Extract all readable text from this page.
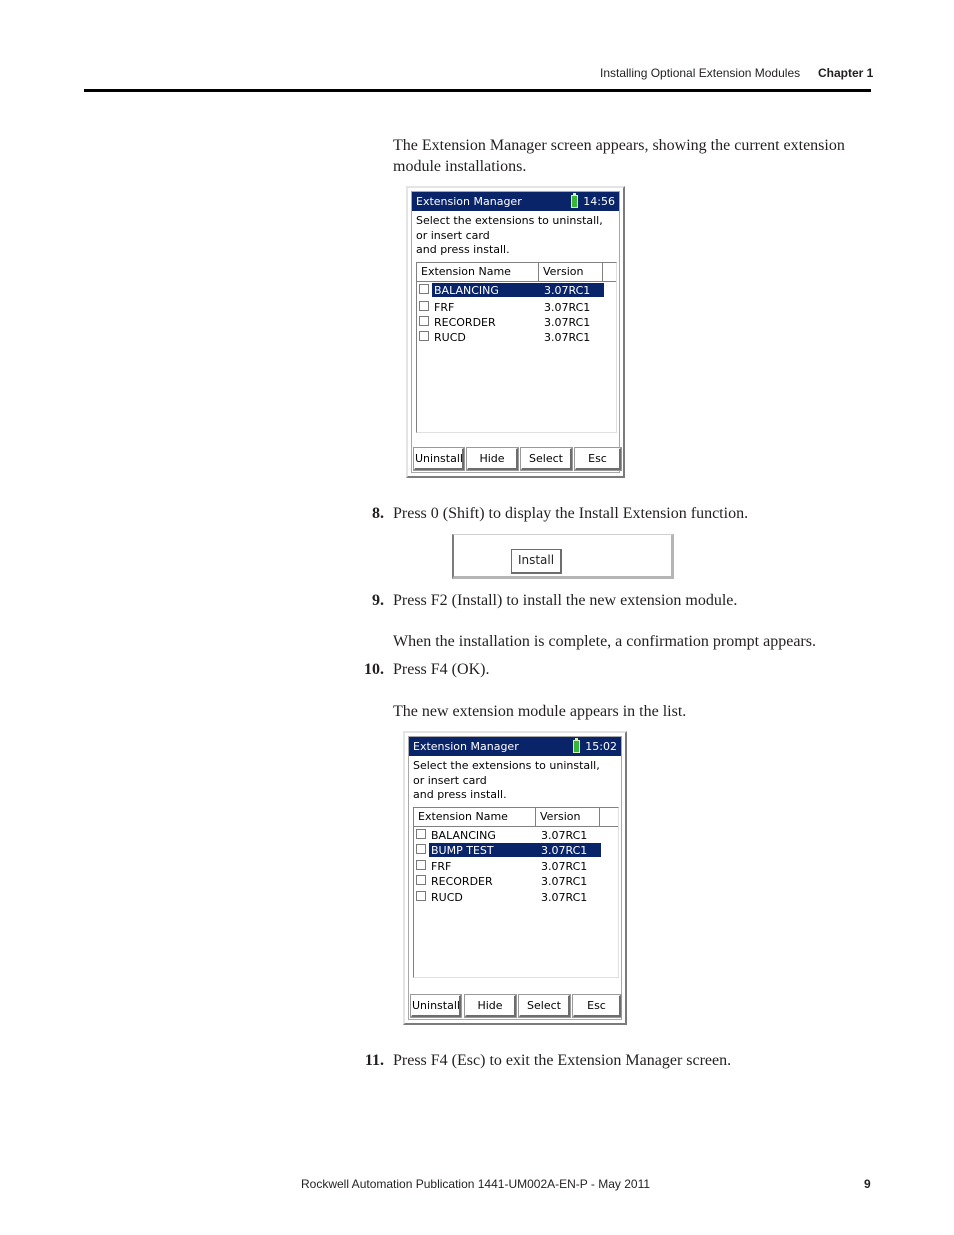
Installing Optional Extension Modules Chapter 1
The Extension Manager screen appears, showing the current extension
module installations.
Extension Manager	14:56
Select the extensions to uninstall,
or insert card
and press install.
Extension Name	Version
BALANCING	3.07RC1
FRF	3.07RC1
RECORDER	3.07RC1
RUCD	3.07RC1
Uninstall	Hide	Select	Esc
8. Press 0 (Shift) to display the Install Extension function.
Install
9. Press F2 (Install) to install the new extension module.
When the installation is complete, a confirmation prompt appears.
10. Press F4 (OK).
The new extension module appears in the list.
Extension Manager	15:02
Select the extensions to uninstall,
or insert card
and press install.
Extension Name	Version
BALANCING	3.07RC1
BUMP TEST	3.07RC1
FRF	3.07RC1
RECORDER	3.07RC1
RUCD	3.07RC1
Uninstall	Hide	Select	Esc
11. Press F4 (Esc) to exit the Extension Manager screen.
Rockwell Automation Publication 1441-UM002A-EN-P - May 2011	9
